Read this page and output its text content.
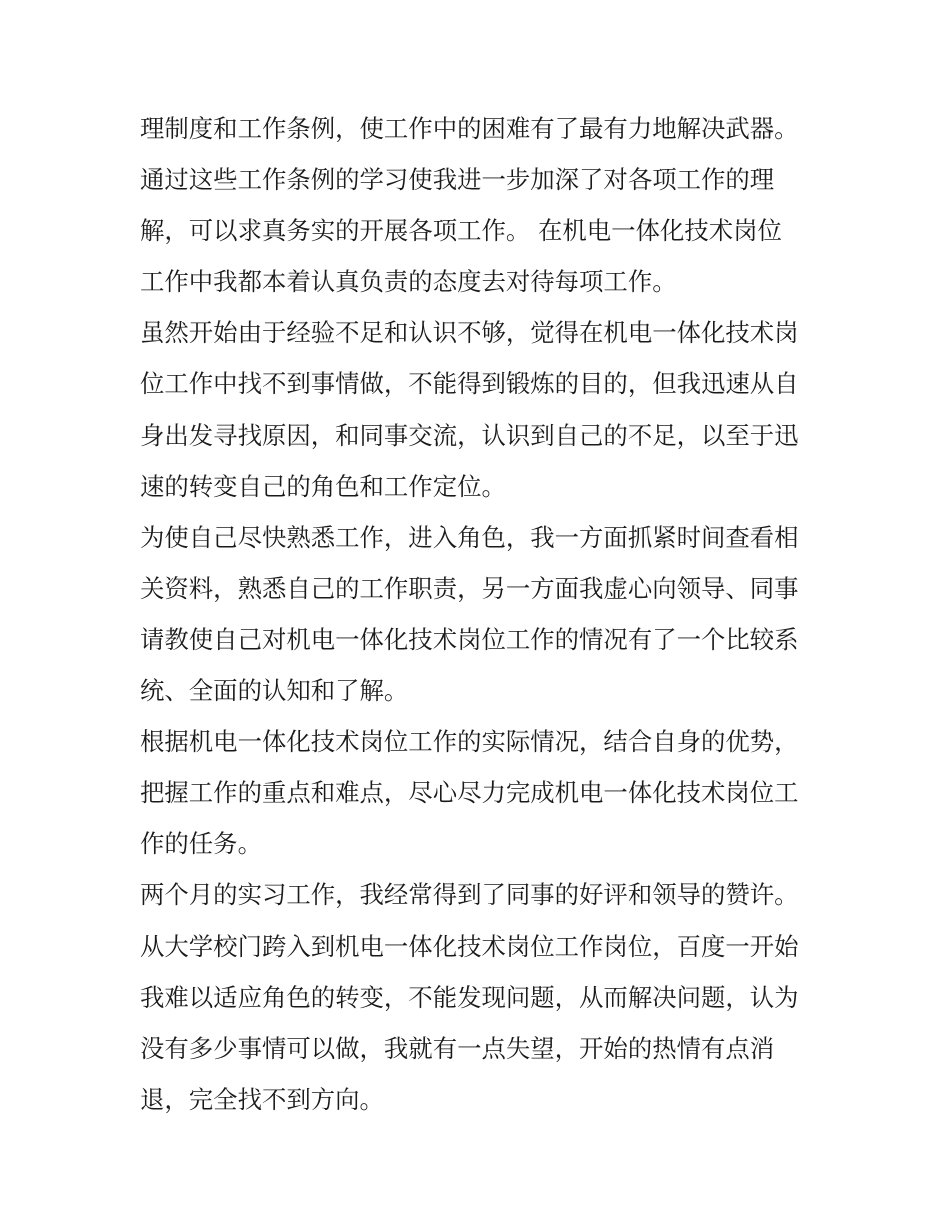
理制度和工作条例，使工作中的困难有了最有力地解决武器。
通过这些工作条例的学习使我进一步加深了对各项工作的理
解，可以求真务实的开展各项工作。 在机电一体化技术岗位
工作中我都本着认真负责的态度去对待每项工作。
虽然开始由于经验不足和认识不够，觉得在机电一体化技术岗
位工作中找不到事情做，不能得到锻炼的目的，但我迅速从自
身出发寻找原因，和同事交流，认识到自己的不足，以至于迅
速的转变自己的角色和工作定位。
为使自己尽快熟悉工作，进入角色，我一方面抓紧时间查看相
关资料，熟悉自己的工作职责，另一方面我虚心向领导、同事
请教使自己对机电一体化技术岗位工作的情况有了一个比较系
统、全面的认知和了解。
根据机电一体化技术岗位工作的实际情况，结合自身的优势，
把握工作的重点和难点，尽心尽力完成机电一体化技术岗位工
作的任务。
两个月的实习工作，我经常得到了同事的好评和领导的赞许。
从大学校门跨入到机电一体化技术岗位工作岗位，百度一开始
我难以适应角色的转变，不能发现问题，从而解决问题，认为
没有多少事情可以做，我就有一点失望，开始的热情有点消
退，完全找不到方向。
